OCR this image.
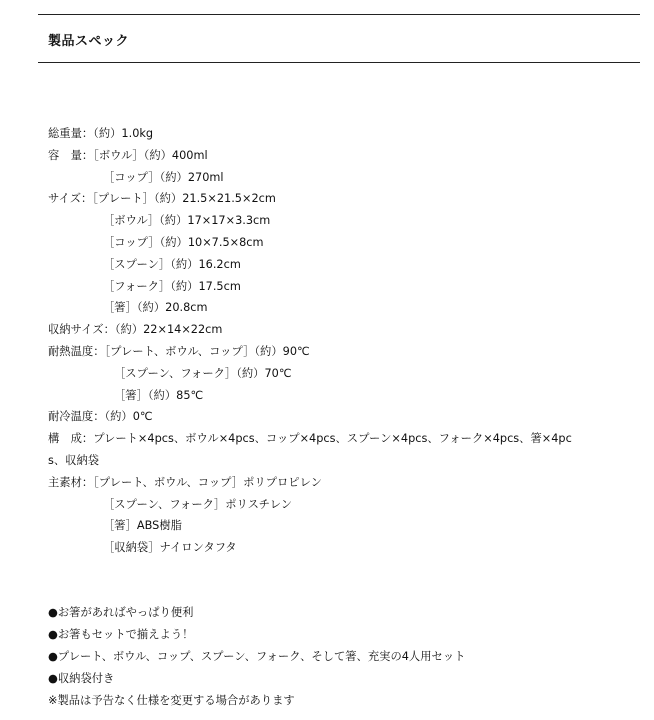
製品スペック
総重量：（約）1.0kg
容　量：［ボウル］（約）400ml
［コップ］（約）270ml
サイズ：［プレート］（約）21.5×21.5×2cm
［ボウル］（約）17×17×3.3cm
［コップ］（約）10×7.5×8cm
［スプーン］（約）16.2cm
［フォーク］（約）17.5cm
［箸］（約）20.8cm
収納サイズ：（約）22×14×22cm
耐熱温度：［プレート、ボウル、コップ］（約）90℃
［スプーン、フォーク］（約）70℃
［箸］（約）85℃
耐冷温度：（約）0℃
構　成：プレート×4pcs、ボウル×4pcs、コップ×4pcs、スプーン×4pcs、フォーク×4pcs、箸×4pc
s、収納袋
主素材：［プレート、ボウル、コップ］ポリプロピレン
［スプーン、フォーク］ポリスチレン
［箸］ABS樹脂
［収納袋］ナイロンタフタ
●お箸があればやっぱり便利
●お箸もセットで揃えよう！
●プレート、ボウル、コップ、スプーン、フォーク、そして箸、充実の4人用セット
●収納袋付き
※製品は予告なく仕様を変更する場合があります
